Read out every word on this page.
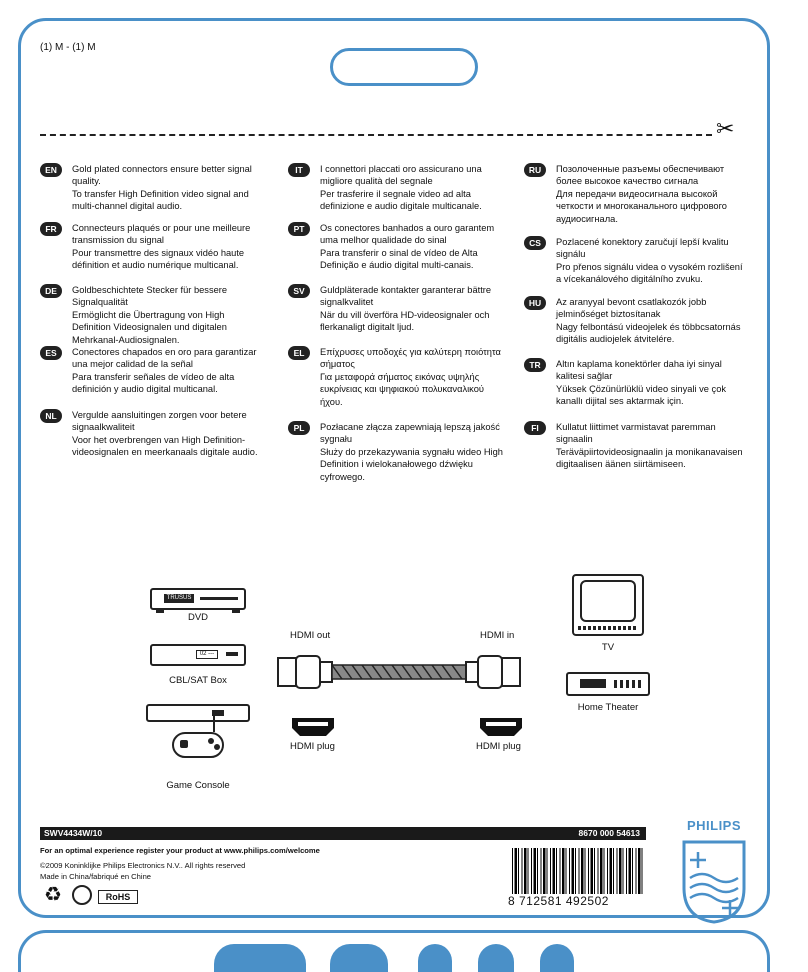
(1) M - (1) M
✂
EN	Gold plated connectors ensure better signal quality.
To transfer High Definition video signal and multi-channel digital audio.
FR	Connecteurs plaqués or pour une meilleure transmission du signal
Pour transmettre des signaux vidéo haute définition et audio numérique multicanal.
DE	Goldbeschichtete Stecker für bessere Signalqualität
Ermöglicht die Übertragung von High Definition Videosignalen und digitalen Mehrkanal-Audiosignalen.
ES	Conectores chapados en oro para garantizar una mejor calidad de la señal
Para transferir señales de vídeo de alta definición y audio digital multicanal.
NL	Vergulde aansluitingen zorgen voor betere signaalkwaliteit
Voor het overbrengen van High Definition-videosignalen en meerkanaals digitale audio.
IT	I connettori placcati oro assicurano una migliore qualità del segnale
Per trasferire il segnale video ad alta definizione e audio digitale multicanale.
PT	Os conectores banhados a ouro garantem uma melhor qualidade do sinal
Para transferir o sinal de vídeo de Alta Definição e áudio digital multi-canais.
SV	Guldpläterade kontakter garanterar bättre signalkvalitet
När du vill överföra HD-videosignaler och flerkanaligt digitalt ljud.
EL	Επίχρυσες υποδοχές για καλύτερη ποιότητα σήματος
Για μεταφορά σήματος εικόνας υψηλής ευκρίνειας και ψηφιακού πολυκαναλικού ήχου.
PL	Pozłacane złącza zapewniają lepszą jakość sygnału
Służy do przekazywania sygnału wideo High Definition i wielokanałowego dźwięku cyfrowego.
RU	Позолоченные разъемы обеспечивают более высокое качество сигнала
Для передачи видеосигнала высокой четкости и многоканального цифрового аудиосигнала.
CS	Pozlacené konektory zaručují lepší kvalitu signálu
Pro přenos signálu videa o vysokém rozlišení a vícekanálového digitálního zvuku.
HU	Az aranyyal bevont csatlakozók jobb jelminőséget biztosítanak
Nagy felbontású videojelek és többcsatornás digitális audiojelek átvitelére.
TR	Altın kaplama konektörler daha iyi sinyal kalitesi sağlar
Yüksek Çözünürlüklü video sinyali ve çok kanallı dijital ses aktarmak için.
FI	Kullatut liittimet varmistavat paremman signaalin
Teräväpiirtovideosignaalin ja monikanavaisen digitaalisen äänen siirtämiseen.
TRUSUS
DVD
02 ---
CBL/SAT Box
Game Console
HDMI out	HDMI in
HDMI plug	HDMI plug
TV
Home Theater
SWV4434W/10	8670 000 54613
For an optimal experience register your product at www.philips.com/welcome
©2009 Koninklijke Philips Electronics N.V.. All rights reserved
Made in China/fabriqué en Chine
♻	RoHS	8 712581 492502
PHILIPS
